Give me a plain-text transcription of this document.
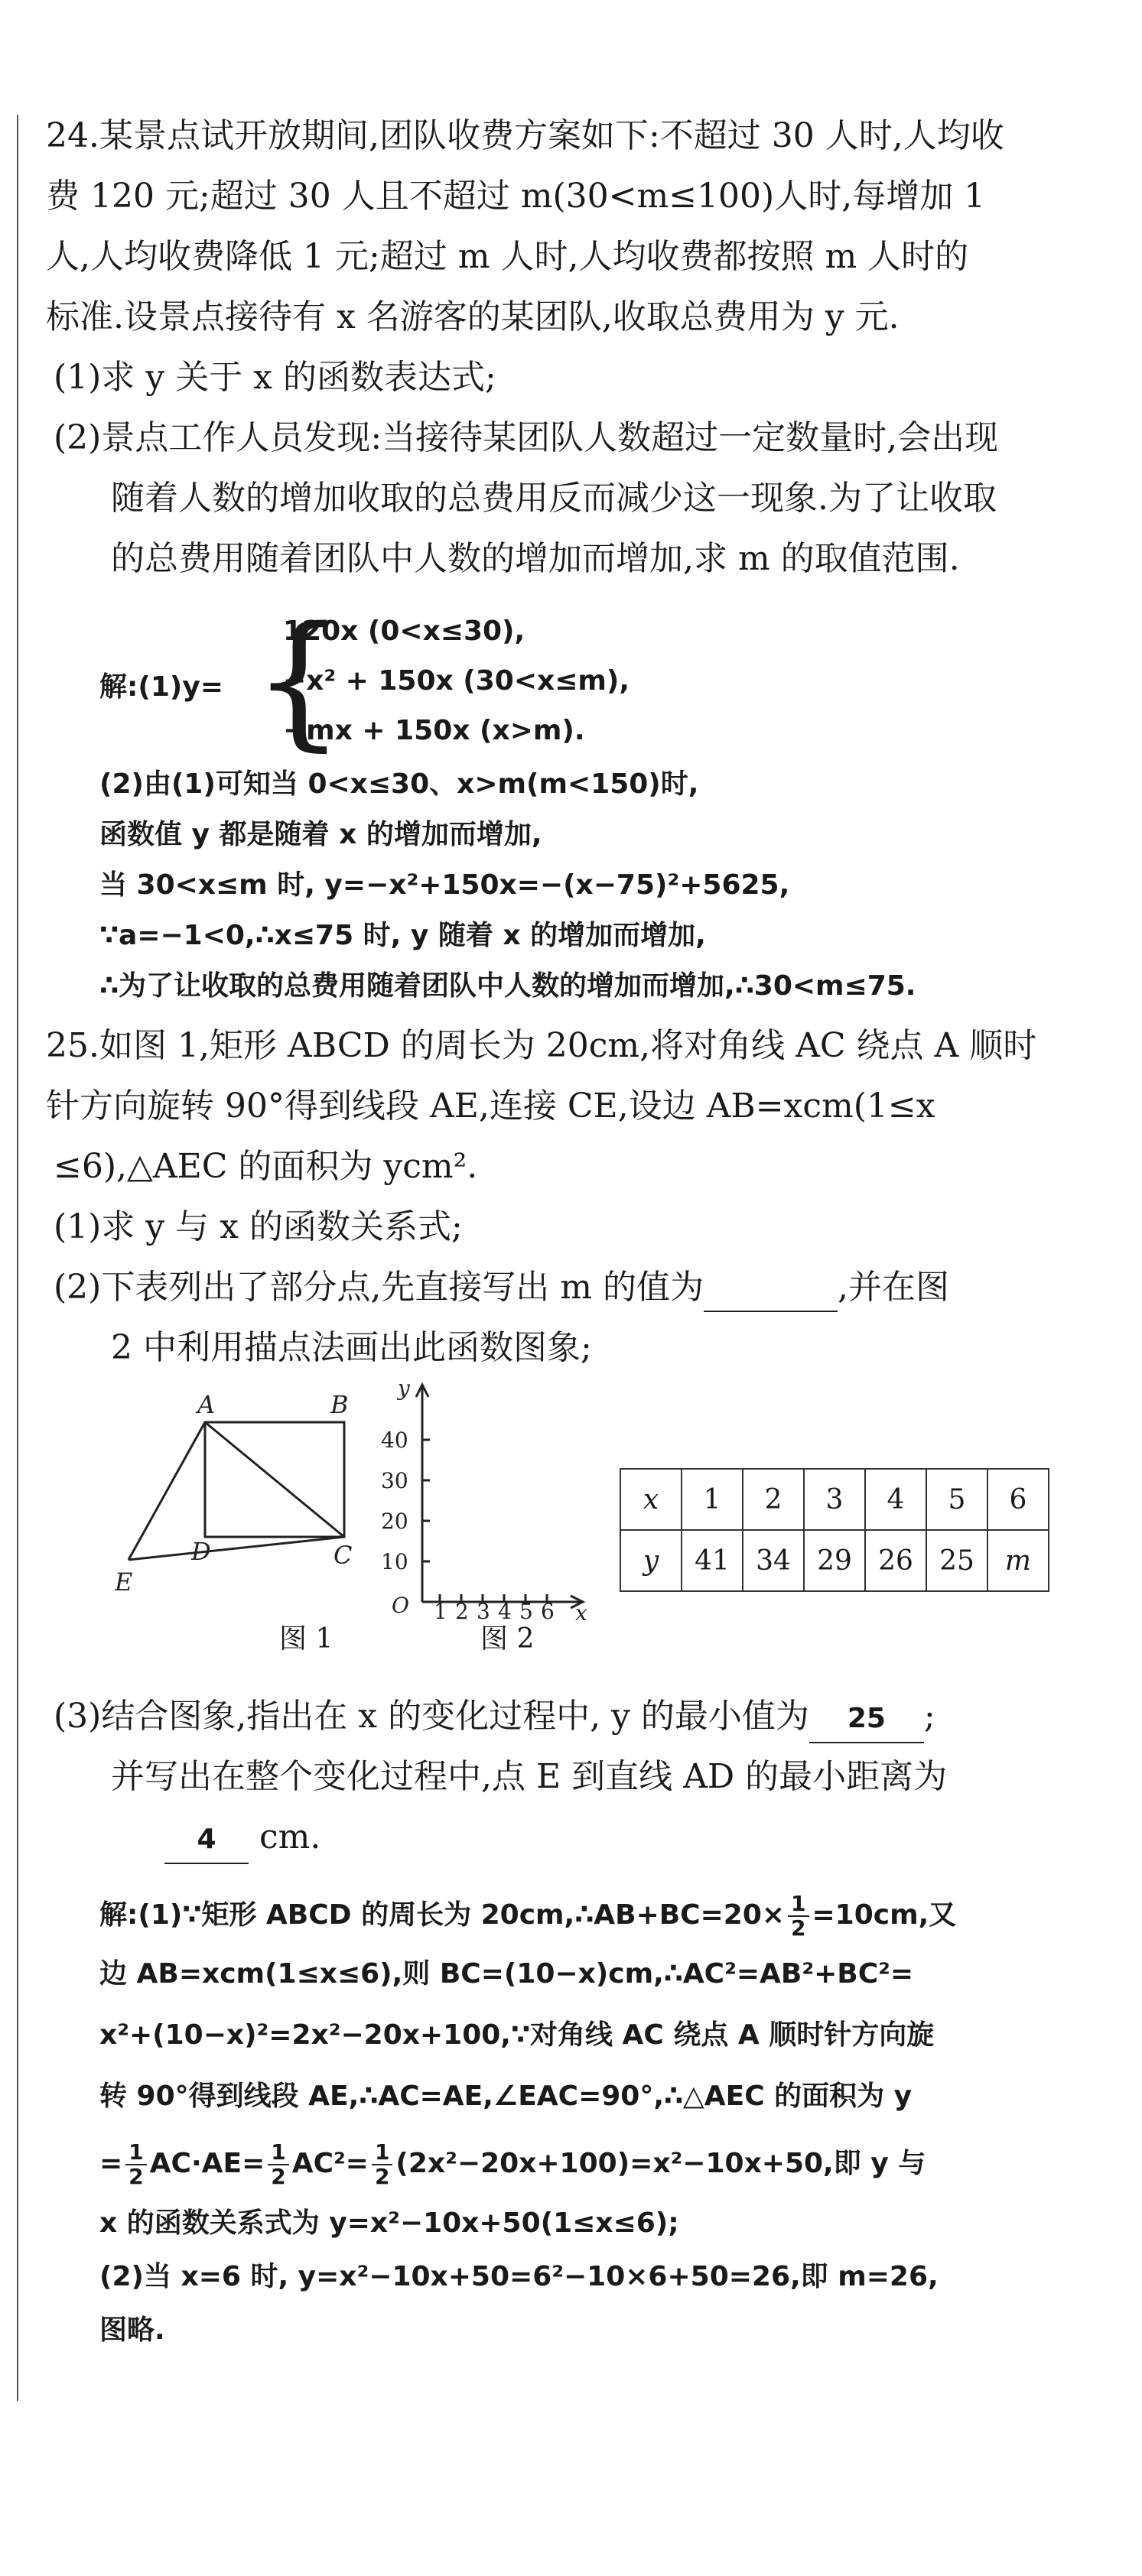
24.某景点试开放期间,团队收费方案如下:不超过 30 人时,人均收
费 120 元;超过 30 人且不超过 m(30<m≤100)人时,每增加 1
人,人均收费降低 1 元;超过 m 人时,人均收费都按照 m 人时的
标准.设景点接待有 x 名游客的某团队,收取总费用为 y 元.
(1)求 y 关于 x 的函数表达式;
(2)景点工作人员发现:当接待某团队人数超过一定数量时,会出现
随着人数的增加收取的总费用反而减少这一现象.为了让收取
的总费用随着团队中人数的增加而增加,求 m 的取值范围.
解:(1)y= {
120x (0<x≤30),
−x² + 150x (30<x≤m),
−mx + 150x (x>m).
(2)由(1)可知当 0<x≤30、x>m(m<150)时,
函数值 y 都是随着 x 的增加而增加,
当 30<x≤m 时, y=−x²+150x=−(x−75)²+5625,
∵a=−1<0,∴x≤75 时, y 随着 x 的增加而增加,
∴为了让收取的总费用随着团队中人数的增加而增加,∴30<m≤75.
25.如图 1,矩形 ABCD 的周长为 20cm,将对角线 AC 绕点 A 顺时
针方向旋转 90°得到线段 AE,连接 CE,设边 AB=xcm(1≤x
≤6),△AEC 的面积为 ycm².
(1)求 y 与 x 的函数关系式;
(2)下表列出了部分点,先直接写出 m 的值为	,并在图
2 中利用描点法画出此函数图象;
A	B
C
D
E
图 1
y
x
O
40
30
20
10
1 2 3 4 5 6
图 2
x	1	2	3	4	5	6
y	41	34	29	26	25	m
(3)结合图象,指出在 x 的变化过程中, y 的最小值为 25 ;
并写出在整个变化过程中,点 E 到直线 AD 的最小距离为
4 cm.
解:(1)∵矩形 ABCD 的周长为 20cm,∴AB+BC=20× $\frac{1}{2} =10cm$,又
边 AB=xcm(1≤x≤6),则 BC=(10−x)cm,∴AC²=AB²+BC²=
x²+(10−x)²=2x²−20x+100,∵对角线 AC 绕点 A 顺时针方向旋
转 90°得到线段 AE,∴AC=AE,∠EAC=90°,∴△AEC 的面积为 y
= $\frac{1}{2} AC\cdot AE= \frac{1}{2} AC^2= \frac{1}{2} (2x^2-20x+100)=x^2-10x+50$,即 y 与
x 的函数关系式为 y=x²−10x+50(1≤x≤6);
(2)当 x=6 时, y=x²−10x+50=6²−10×6+50=26,即 m=26,
图略.
